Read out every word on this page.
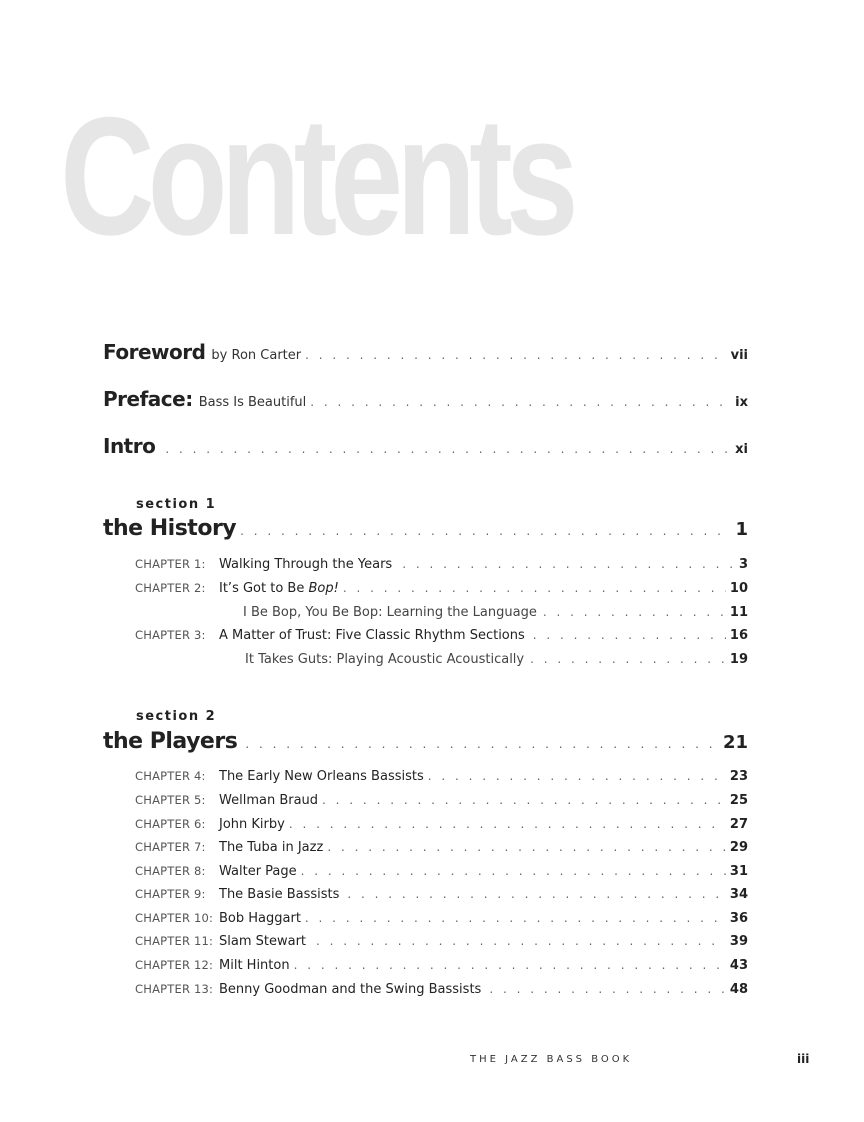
Contents
Foreword by Ron Carter . . .	vii
Preface: Bass Is Beautiful . . .	ix
Intro . . .	xi
section 1
the History . . .	1
CHAPTER 1:	Walking Through the Years . . .	3
CHAPTER 2:	It’s Got to Be Bop! . . .	10
I Be Bop, You Be Bop: Learning the Language . . .	11
CHAPTER 3:	A Matter of Trust: Five Classic Rhythm Sections . . .	16
It Takes Guts: Playing Acoustic Acoustically . . .	19
section 2
the Players . . .	21
CHAPTER 4:	The Early New Orleans Bassists . . .	23
CHAPTER 5:	Wellman Braud . . .	25
CHAPTER 6:	John Kirby . . .	27
CHAPTER 7:	The Tuba in Jazz . . .	29
CHAPTER 8:	Walter Page . . .	31
CHAPTER 9:	The Basie Bassists . . .	34
CHAPTER 10: Bob Haggart . . .	36
CHAPTER 11: Slam Stewart . . .	39
CHAPTER 12: Milt Hinton . . .	43
CHAPTER 13: Benny Goodman and the Swing Bassists . . .	48
THE JAZZ BASS BOOK	iii
